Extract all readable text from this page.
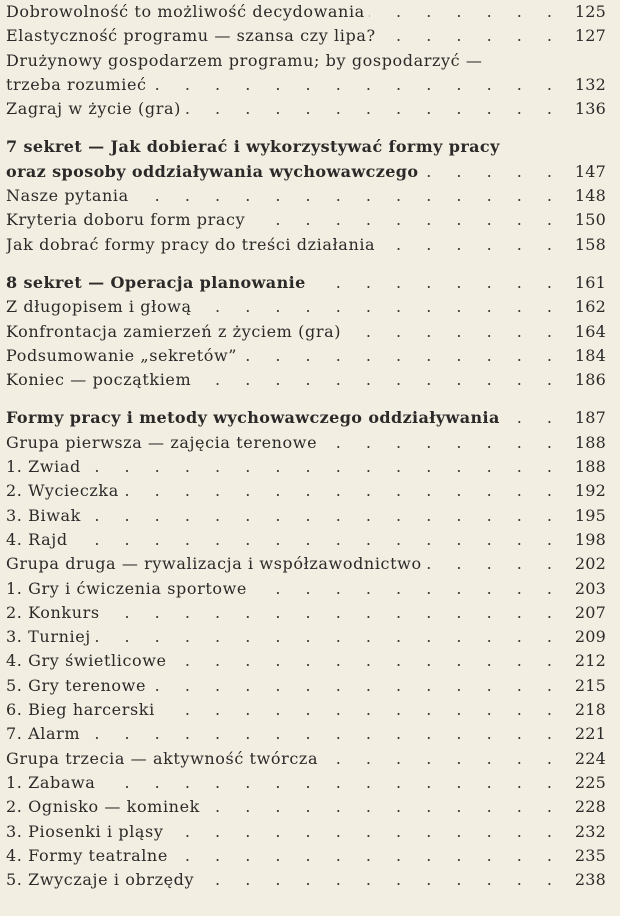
Dobrowolność to możliwość decydowania . . .	125
Elastyczność programu — szansa czy lipa? . . .	127
Drużynowy gospodarzem programu; by gospodarzyć —
trzeba rozumieć . . .	132
Zagraj w życie (gra) . . .	136
7 sekret — Jak dobierać i wykorzystywać formy pracy
oraz sposoby oddziaływania wychowawczego . . .	147
Nasze pytania . . .	148
Kryteria doboru form pracy . . .	150
Jak dobrać formy pracy do treści działania . . .	158
8 sekret — Operacja planowanie . . .	161
Z długopisem i głową . . .	162
Konfrontacja zamierzeń z życiem (gra) . . .	164
Podsumowanie „sekretów” . . .	184
Koniec — początkiem . . .	186
Formy pracy i metody wychowawczego oddziaływania . . .	187
Grupa pierwsza — zajęcia terenowe . . .	188
1. Zwiad . . .	188
2. Wycieczka . . .	192
3. Biwak . . .	195
4. Rajd . . .	198
Grupa druga — rywalizacja i współzawodnictwo . . .	202
1. Gry i ćwiczenia sportowe . . .	203
2. Konkurs . . .	207
3. Turniej . . .	209
4. Gry świetlicowe . . .	212
5. Gry terenowe . . .	215
6. Bieg harcerski . . .	218
7. Alarm . . .	221
Grupa trzecia — aktywność twórcza . . .	224
1. Zabawa . . .	225
2. Ognisko — kominek . . .	228
3. Piosenki i pląsy . . .	232
4. Formy teatralne . . .	235
5. Zwyczaje i obrzędy . . .	238
